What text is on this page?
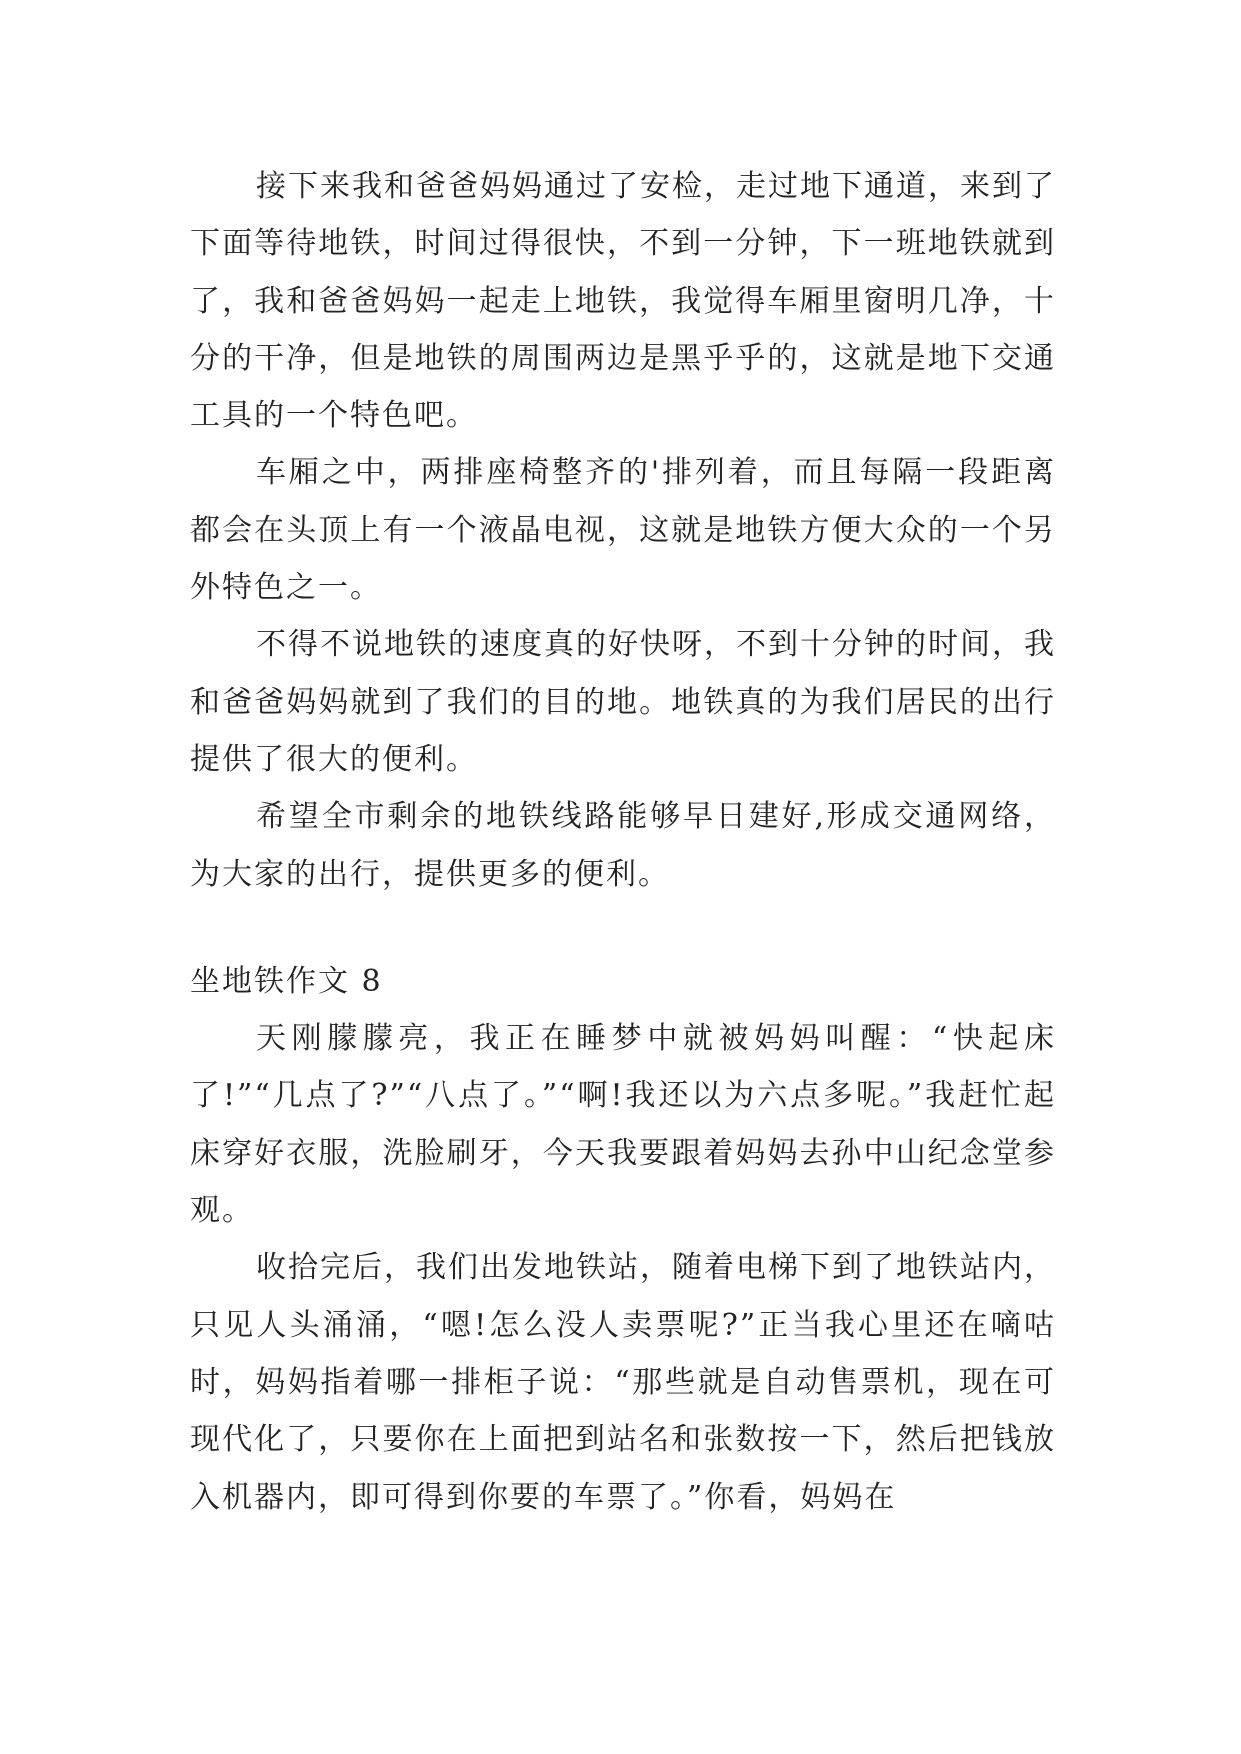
接下来我和爸爸妈妈通过了安检，走过地下通道，来到了下面等待地铁，时间过得很快，不到一分钟，下一班地铁就到了，我和爸爸妈妈一起走上地铁，我觉得车厢里窗明几净，十分的干净，但是地铁的周围两边是黑乎乎的，这就是地下交通工具的一个特色吧。

车厢之中，两排座椅整齐的'排列着，而且每隔一段距离都会在头顶上有一个液晶电视，这就是地铁方便大众的一个另外特色之一。

不得不说地铁的速度真的好快呀，不到十分钟的时间，我和爸爸妈妈就到了我们的目的地。地铁真的为我们居民的出行提供了很大的便利。

希望全市剩余的地铁线路能够早日建好,形成交通网络，为大家的出行，提供更多的便利。

坐地铁作文 8

天刚朦朦亮，我正在睡梦中就被妈妈叫醒：“快起床了!”“几点了?”“八点了。”“啊!我还以为六点多呢。”我赶忙起床穿好衣服，洗脸刷牙，今天我要跟着妈妈去孙中山纪念堂参观。

收拾完后，我们出发地铁站，随着电梯下到了地铁站内，只见人头涌涌，“嗯!怎么没人卖票呢?”正当我心里还在嘀咕时，妈妈指着哪一排柜子说：“那些就是自动售票机，现在可现代化了，只要你在上面把到站名和张数按一下，然后把钱放入机器内，即可得到你要的车票了。”你看，妈妈在
